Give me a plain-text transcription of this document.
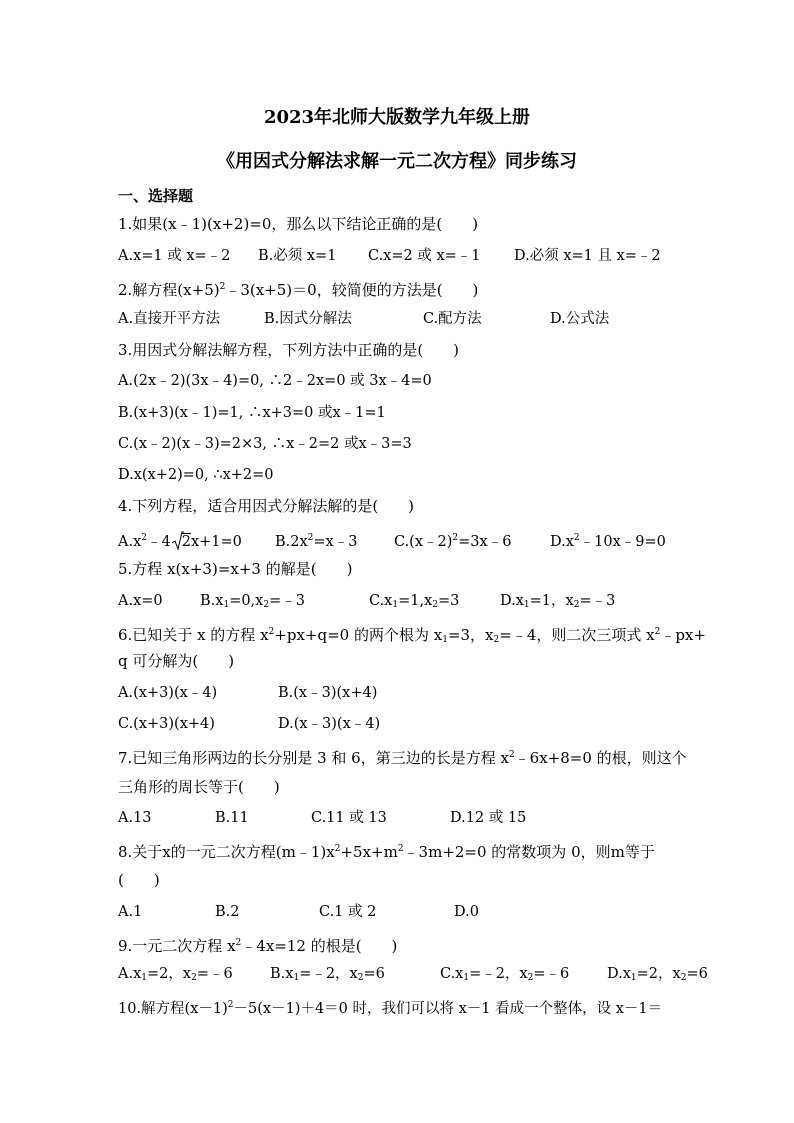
2023年北师大版数学九年级上册
《用因式分解法求解一元二次方程》同步练习
一、选择题
1.如果(x﹣1)(x+2)=0，那么以下结论正确的是(　　)
A.x=1 或 x=﹣2 B.必须 x=1 C.x=2 或 x=﹣1 D.必须 x=1 且 x=﹣2
2.解方程$(x+5)^2﹣3(x+5)=0$，较简便的方法是(　　)
A.直接开平方法	B.因式分解法	C.配方法	D.公式法
3.用因式分解法解方程，下列方法中正确的是(　　)
A.(2x﹣2)(3x﹣4)=0, ∴2﹣2x=0 或 3x﹣4=0
B.(x+3)(x﹣1)=1, ∴x+3=0 或x﹣1=1
C.(x﹣2)(x﹣3)=2×3, ∴x﹣2=2 或x﹣3=3
D.x(x+2)=0, ∴x+2=0
4.下列方程，适合用因式分解法解的是(　　)
$A.x^2﹣4$ 2x+1=0 $B.2x^2=x﹣3$	C.(x﹣2)$^2$=3x﹣6	$D.x^2﹣10x﹣9=0$
5.方程 x(x+3)=x+3 的解是(　　)
A.x=0	$B.x_1=0,x_2=﹣3$	$C.x_1=1,x_2=3$	$D.x_1=1$，$x_2=﹣3$
6.已知关于 x 的方程 $x^2+px+q=0$ 的两个根为 $x_1=3$，$x_2=﹣4$，则二次三项式 $x^2﹣px+$
q 可分解为(　　)
A.(x+3)(x﹣4)	B.(x﹣3)(x+4)
C.(x+3)(x+4)	D.(x﹣3)(x﹣4)
7.已知三角形两边的长分别是 3 和 6，第三边的长是方程 $x^2﹣6x+8=0$ 的根，则这个
三角形的周长等于(　　)
A.13	B.11	C.11 或 13	D.12 或 15
8.关于x的一元二次方程$(m﹣1)x^2+5x+m^2﹣3m+2=0$ 的常数项为 0，则m等于
(　　)
A.1	B.2	C.1 或 2	D.0
9.一元二次方程 $x^2﹣4x=12$ 的根是(　　)
$A.x_1=2$，$x_2=﹣6$	$B.x_1=﹣2$，$x_2=6$	$C.x_1=﹣2$，$x_2=﹣6$	$D.x_1=2$，$x_2=6$
10.解方程$(x-1)^2-5(x-1)+4=0$ 时，我们可以将 x－1 看成一个整体，设 x－1＝
